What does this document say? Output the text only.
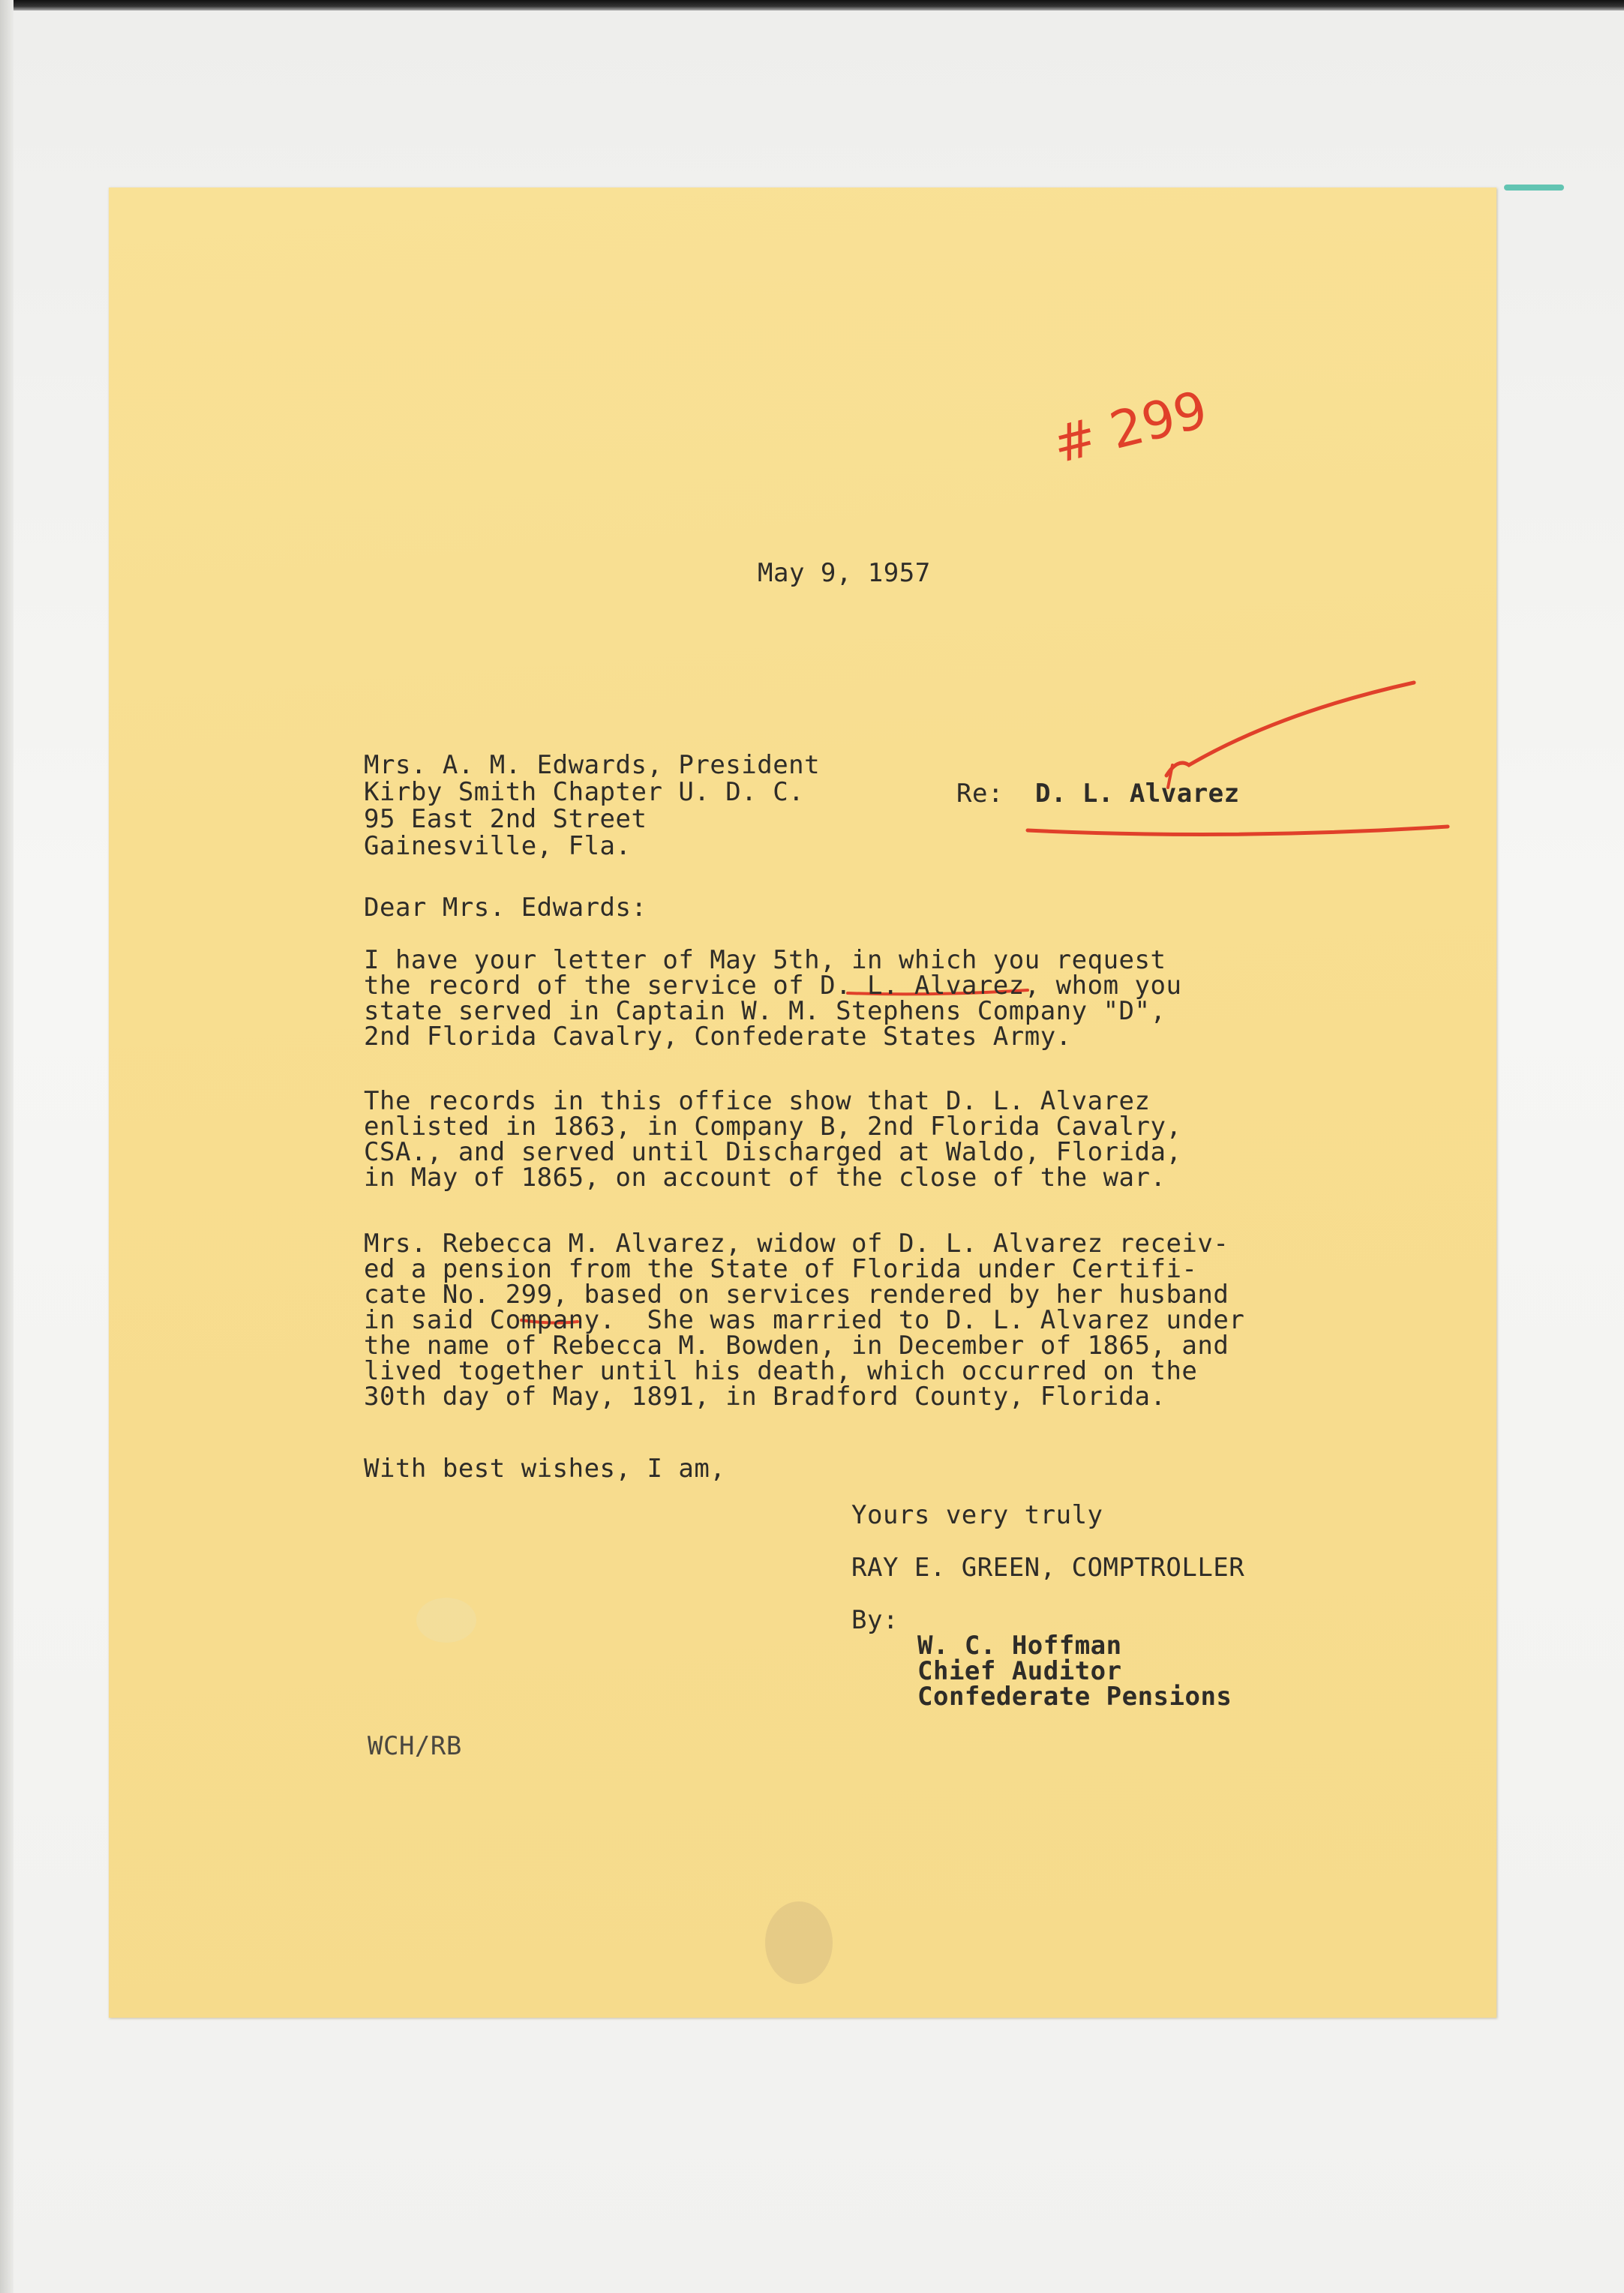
# 299
May 9, 1957
Mrs. A. M. Edwards, President
Kirby Smith Chapter U. D. C.
95 East 2nd Street
Gainesville, Fla.
Re: D. L. Alvarez
Dear Mrs. Edwards:
I have your letter of May 5th, in which you request
the record of the service of D. L. Alvarez, whom you
state served in Captain W. M. Stephens Company "D",
2nd Florida Cavalry, Confederate States Army.
The records in this office show that D. L. Alvarez
enlisted in 1863, in Company B, 2nd Florida Cavalry,
CSA., and served until Discharged at Waldo, Florida,
in May of 1865, on account of the close of the war.
Mrs. Rebecca M. Alvarez, widow of D. L. Alvarez receiv-
ed a pension from the State of Florida under Certifi-
cate No. 299, based on services rendered by her husband
in said Company.  She was married to D. L. Alvarez under
the name of Rebecca M. Bowden, in December of 1865, and
lived together until his death, which occurred on the
30th day of May, 1891, in Bradford County, Florida.
With best wishes, I am,
Yours very truly
RAY E. GREEN, COMPTROLLER
By:
W. C. Hoffman
Chief Auditor
Confederate Pensions
WCH/RB
